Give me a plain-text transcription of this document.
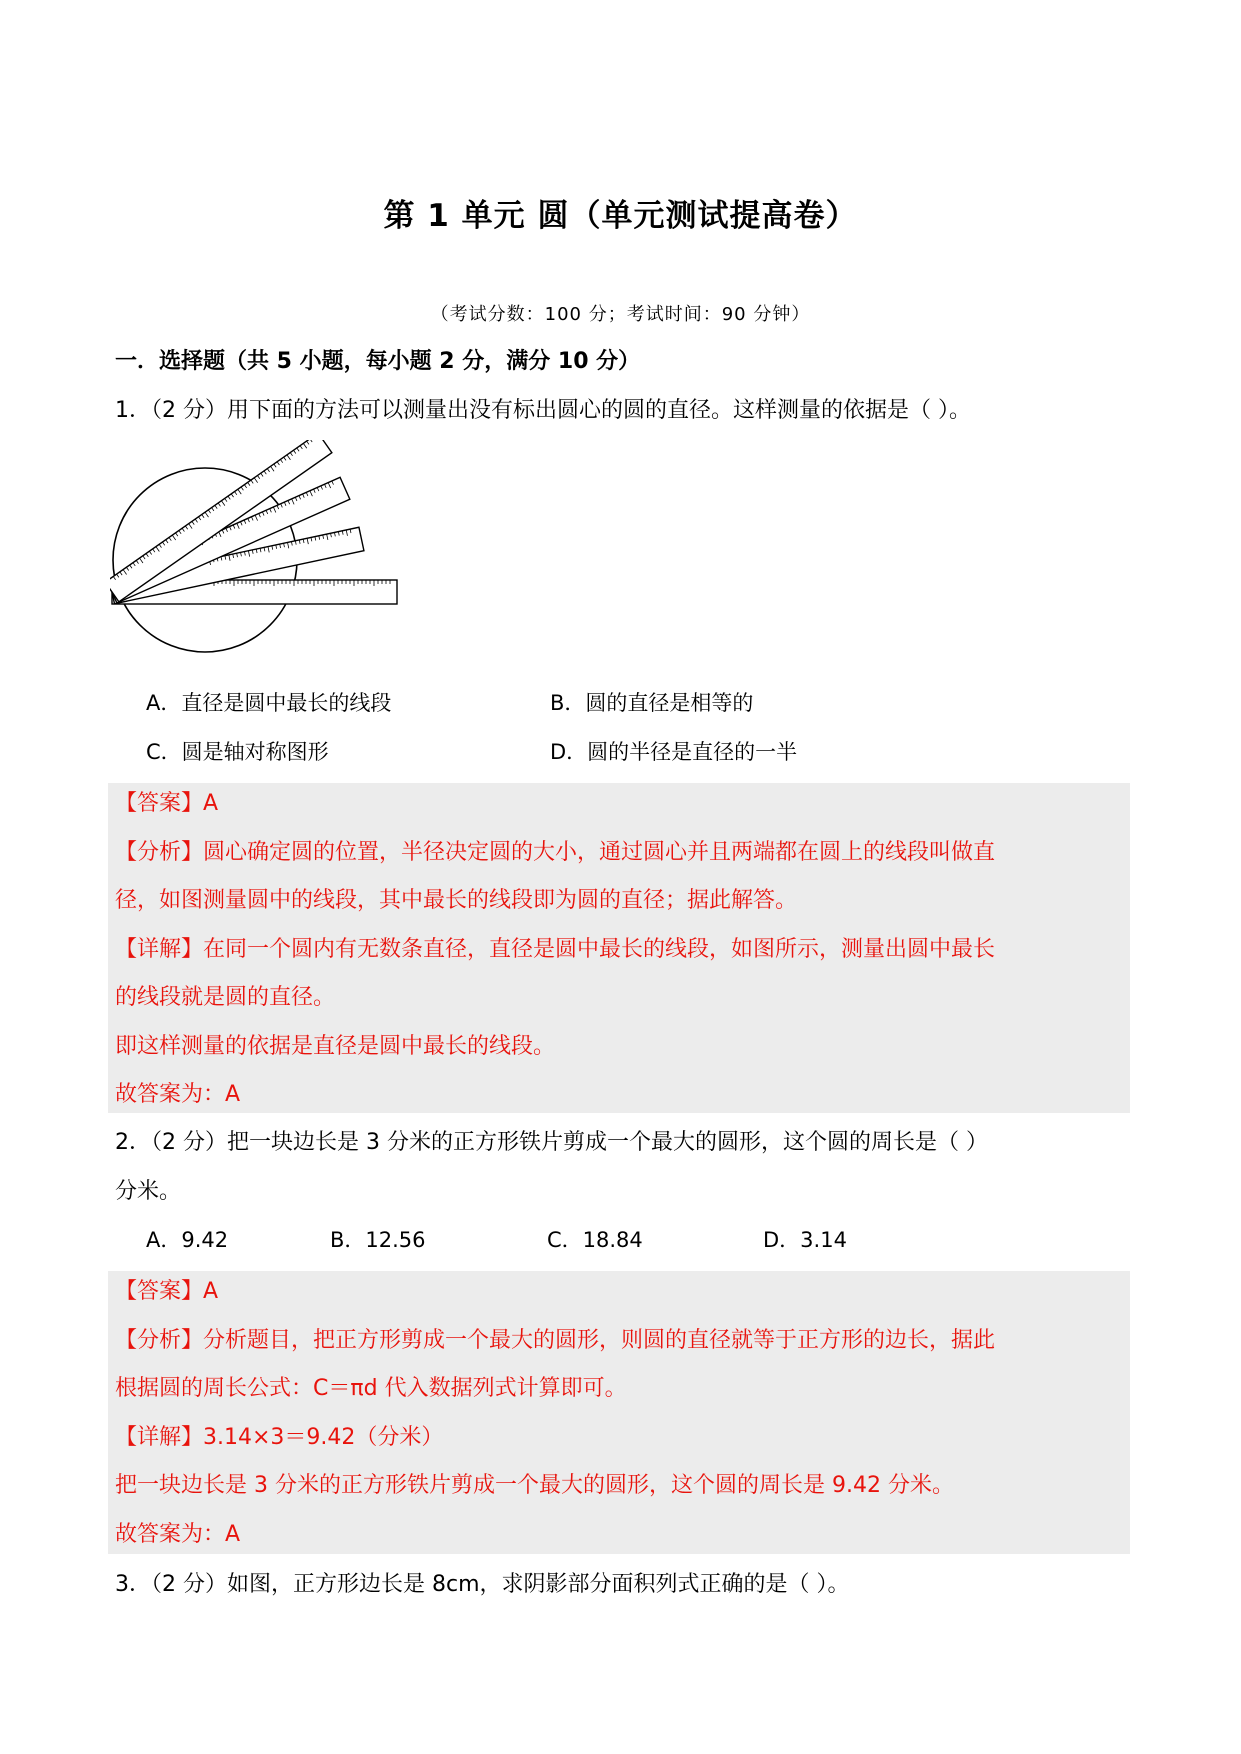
第 1 单元 圆（单元测试提高卷）
（考试分数：100 分；考试时间：90 分钟）
一．选择题（共 5 小题，每小题 2 分，满分 10 分）
1．（2 分）用下面的方法可以测量出没有标出圆心的圆的直径。这样测量的依据是（ ）。
A．直径是圆中最长的线段	B．圆的直径是相等的
C．圆是轴对称图形	D．圆的半径是直径的一半
【答案】A
【分析】圆心确定圆的位置，半径决定圆的大小，通过圆心并且两端都在圆上的线段叫做直
径，如图测量圆中的线段，其中最长的线段即为圆的直径；据此解答。
【详解】在同一个圆内有无数条直径，直径是圆中最长的线段，如图所示，测量出圆中最长
的线段就是圆的直径。
即这样测量的依据是直径是圆中最长的线段。
故答案为：A
2．（2 分）把一块边长是 3 分米的正方形铁片剪成一个最大的圆形，这个圆的周长是（ ）
分米。
A．9.42	B．12.56	C．18.84	D．3.14
【答案】A
【分析】分析题目，把正方形剪成一个最大的圆形，则圆的直径就等于正方形的边长，据此
根据圆的周长公式：C＝πd 代入数据列式计算即可。
【详解】3.14×3＝9.42（分米）
把一块边长是 3 分米的正方形铁片剪成一个最大的圆形，这个圆的周长是 9.42 分米。
故答案为：A
3．（2 分）如图，正方形边长是 8cm，求阴影部分面积列式正确的是（ ）。
